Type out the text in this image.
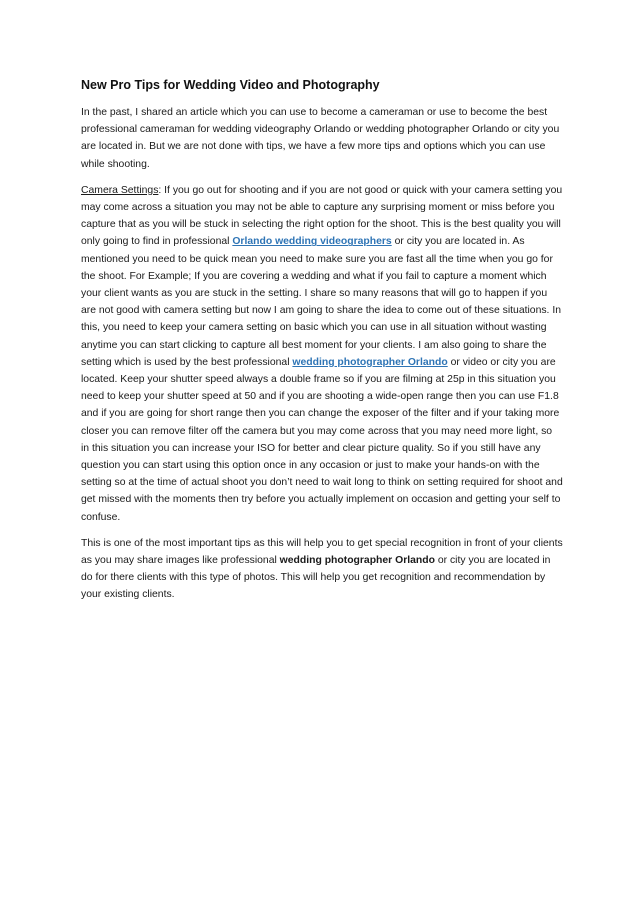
New Pro Tips for Wedding Video and Photography

In the past, I shared an article which you can use to become a cameraman or use to become the best professional cameraman for wedding videography Orlando or wedding photographer Orlando or city you are located in. But we are not done with tips, we have a few more tips and options which you can use while shooting.

Camera Settings: If you go out for shooting and if you are not good or quick with your camera setting you may come across a situation you may not be able to capture any surprising moment or miss before you capture that as you will be stuck in selecting the right option for the shoot. This is the best quality you will only going to find in professional Orlando wedding videographers or city you are located in. As mentioned you need to be quick mean you need to make sure you are fast all the time when you go for the shoot. For Example; If you are covering a wedding and what if you fail to capture a moment which your client wants as you are stuck in the setting. I share so many reasons that will go to happen if you are not good with camera setting but now I am going to share the idea to come out of these situations. In this, you need to keep your camera setting on basic which you can use in all situation without wasting anytime you can start clicking to capture all best moment for your clients. I am also going to share the setting which is used by the best professional wedding photographer Orlando or video or city you are located. Keep your shutter speed always a double frame so if you are filming at 25p in this situation you need to keep your shutter speed at 50 and if you are shooting a wide-open range then you can use F1.8 and if you are going for short range then you can change the exposer of the filter and if your taking more closer you can remove filter off the camera but you may come across that you may need more light, so in this situation you can increase your ISO for better and clear picture quality. So if you still have any question you can start using this option once in any occasion or just to make your hands-on with the setting so at the time of actual shoot you don’t need to wait long to think on setting required for shoot and get missed with the moments then try before you actually implement on occasion and getting your self to confuse.

This is one of the most important tips as this will help you to get special recognition in front of your clients as you may share images like professional wedding photographer Orlando or city you are located in do for there clients with this type of photos. This will help you get recognition and recommendation by your existing clients.
